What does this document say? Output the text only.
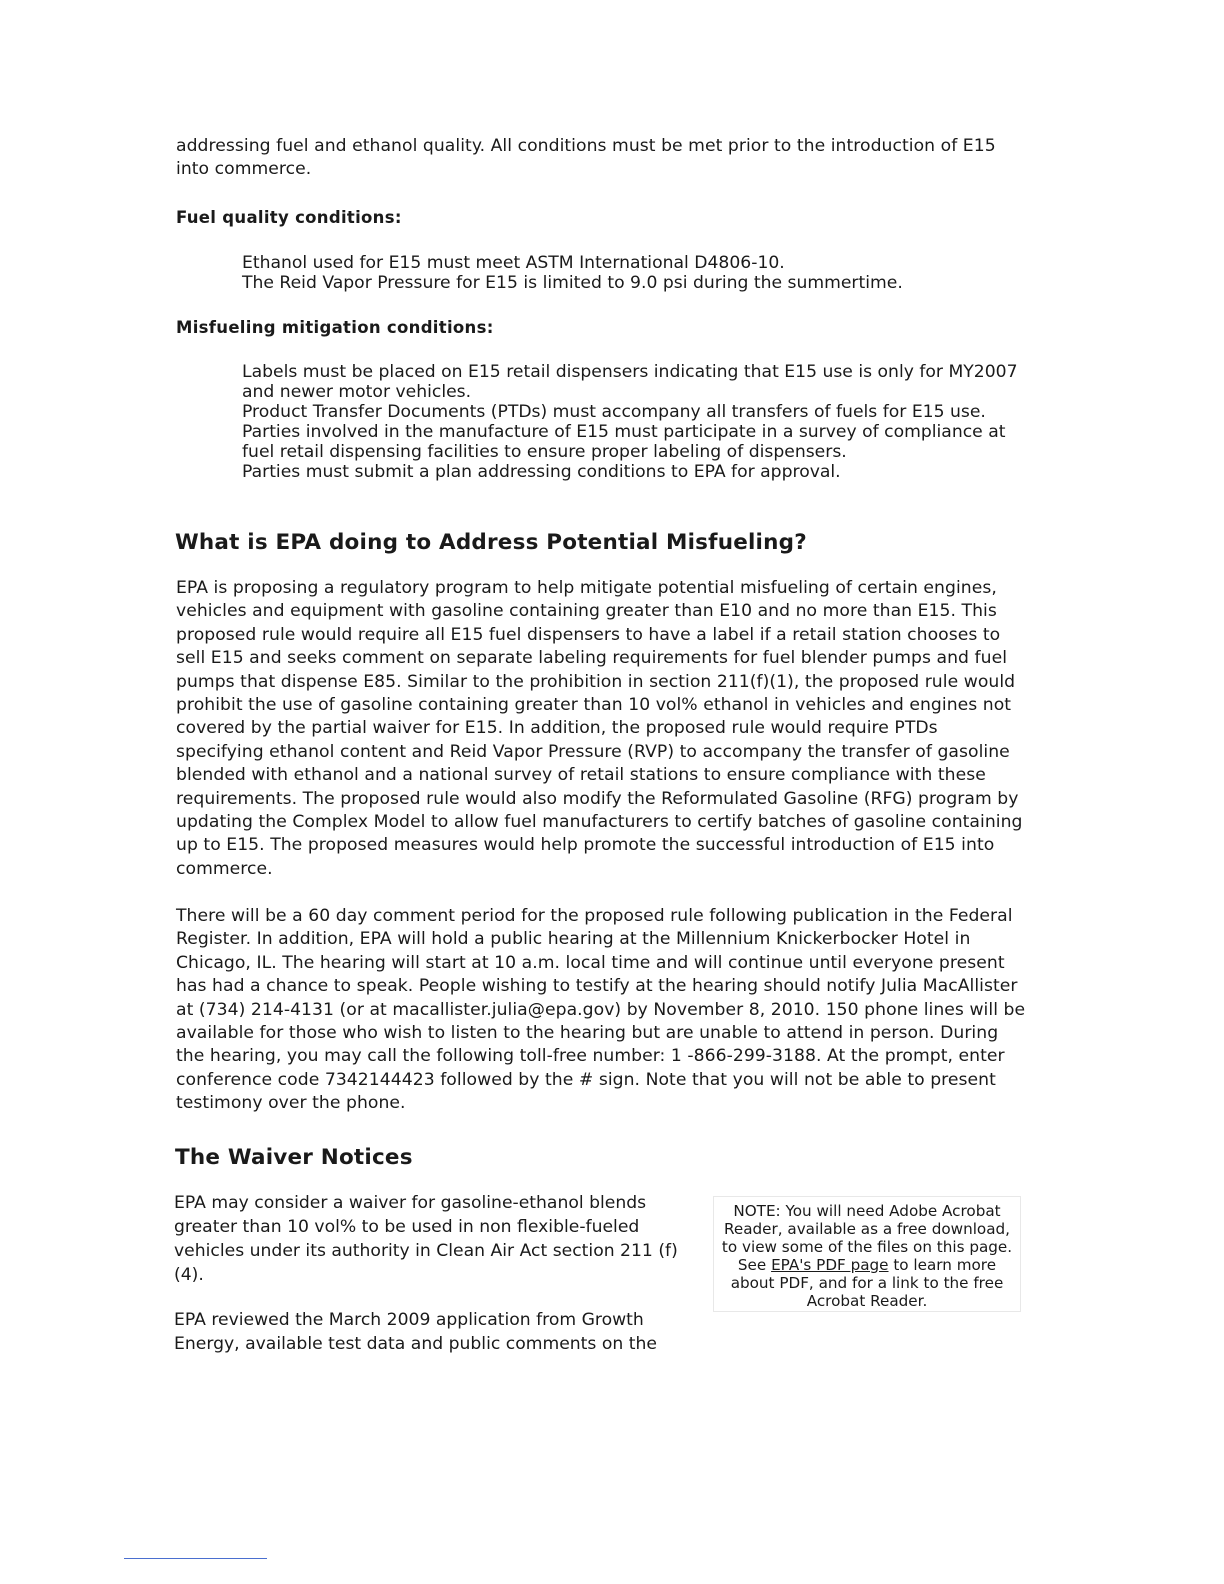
addressing fuel and ethanol quality. All conditions must be met prior to the introduction of E15 into commerce.

Fuel quality conditions:
Ethanol used for E15 must meet ASTM International D4806-10.
The Reid Vapor Pressure for E15 is limited to 9.0 psi during the summertime.
Misfueling mitigation conditions:
Labels must be placed on E15 retail dispensers indicating that E15 use is only for MY2007 and newer motor vehicles.
Product Transfer Documents (PTDs) must accompany all transfers of fuels for E15 use.
Parties involved in the manufacture of E15 must participate in a survey of compliance at fuel retail dispensing facilities to ensure proper labeling of dispensers.
Parties must submit a plan addressing conditions to EPA for approval.
What is EPA doing to Address Potential Misfueling?

EPA is proposing a regulatory program to help mitigate potential misfueling of certain engines, vehicles and equipment with gasoline containing greater than E10 and no more than E15. This proposed rule would require all E15 fuel dispensers to have a label if a retail station chooses to sell E15 and seeks comment on separate labeling requirements for fuel blender pumps and fuel pumps that dispense E85. Similar to the prohibition in section 211(f)(1), the proposed rule would prohibit the use of gasoline containing greater than 10 vol% ethanol in vehicles and engines not covered by the partial waiver for E15. In addition, the proposed rule would require PTDs specifying ethanol content and Reid Vapor Pressure (RVP) to accompany the transfer of gasoline blended with ethanol and a national survey of retail stations to ensure compliance with these requirements. The proposed rule would also modify the Reformulated Gasoline (RFG) program by updating the Complex Model to allow fuel manufacturers to certify batches of gasoline containing up to E15. The proposed measures would help promote the successful introduction of E15 into commerce.

There will be a 60 day comment period for the proposed rule following publication in the Federal Register. In addition, EPA will hold a public hearing at the Millennium Knickerbocker Hotel in Chicago, IL. The hearing will start at 10 a.m. local time and will continue until everyone present has had a chance to speak. People wishing to testify at the hearing should notify Julia MacAllister at (734) 214-4131 (or at macallister.julia@epa.gov) by November 8, 2010. 150 phone lines will be available for those who wish to listen to the hearing but are unable to attend in person. During the hearing, you may call the following toll-free number: 1 -866-299-3188. At the prompt, enter conference code 7342144423 followed by the # sign. Note that you will not be able to present testimony over the phone.

The Waiver Notices

EPA may consider a waiver for gasoline-ethanol blends greater than 10 vol% to be used in non flexible-fueled vehicles under its authority in Clean Air Act section 211 (f)(4).

EPA reviewed the March 2009 application from Growth Energy, available test data and public comments on the

NOTE: You will need Adobe Acrobat Reader, available as a free download, to view some of the files on this page. See EPA's PDF page to learn more about PDF, and for a link to the free Acrobat Reader.
